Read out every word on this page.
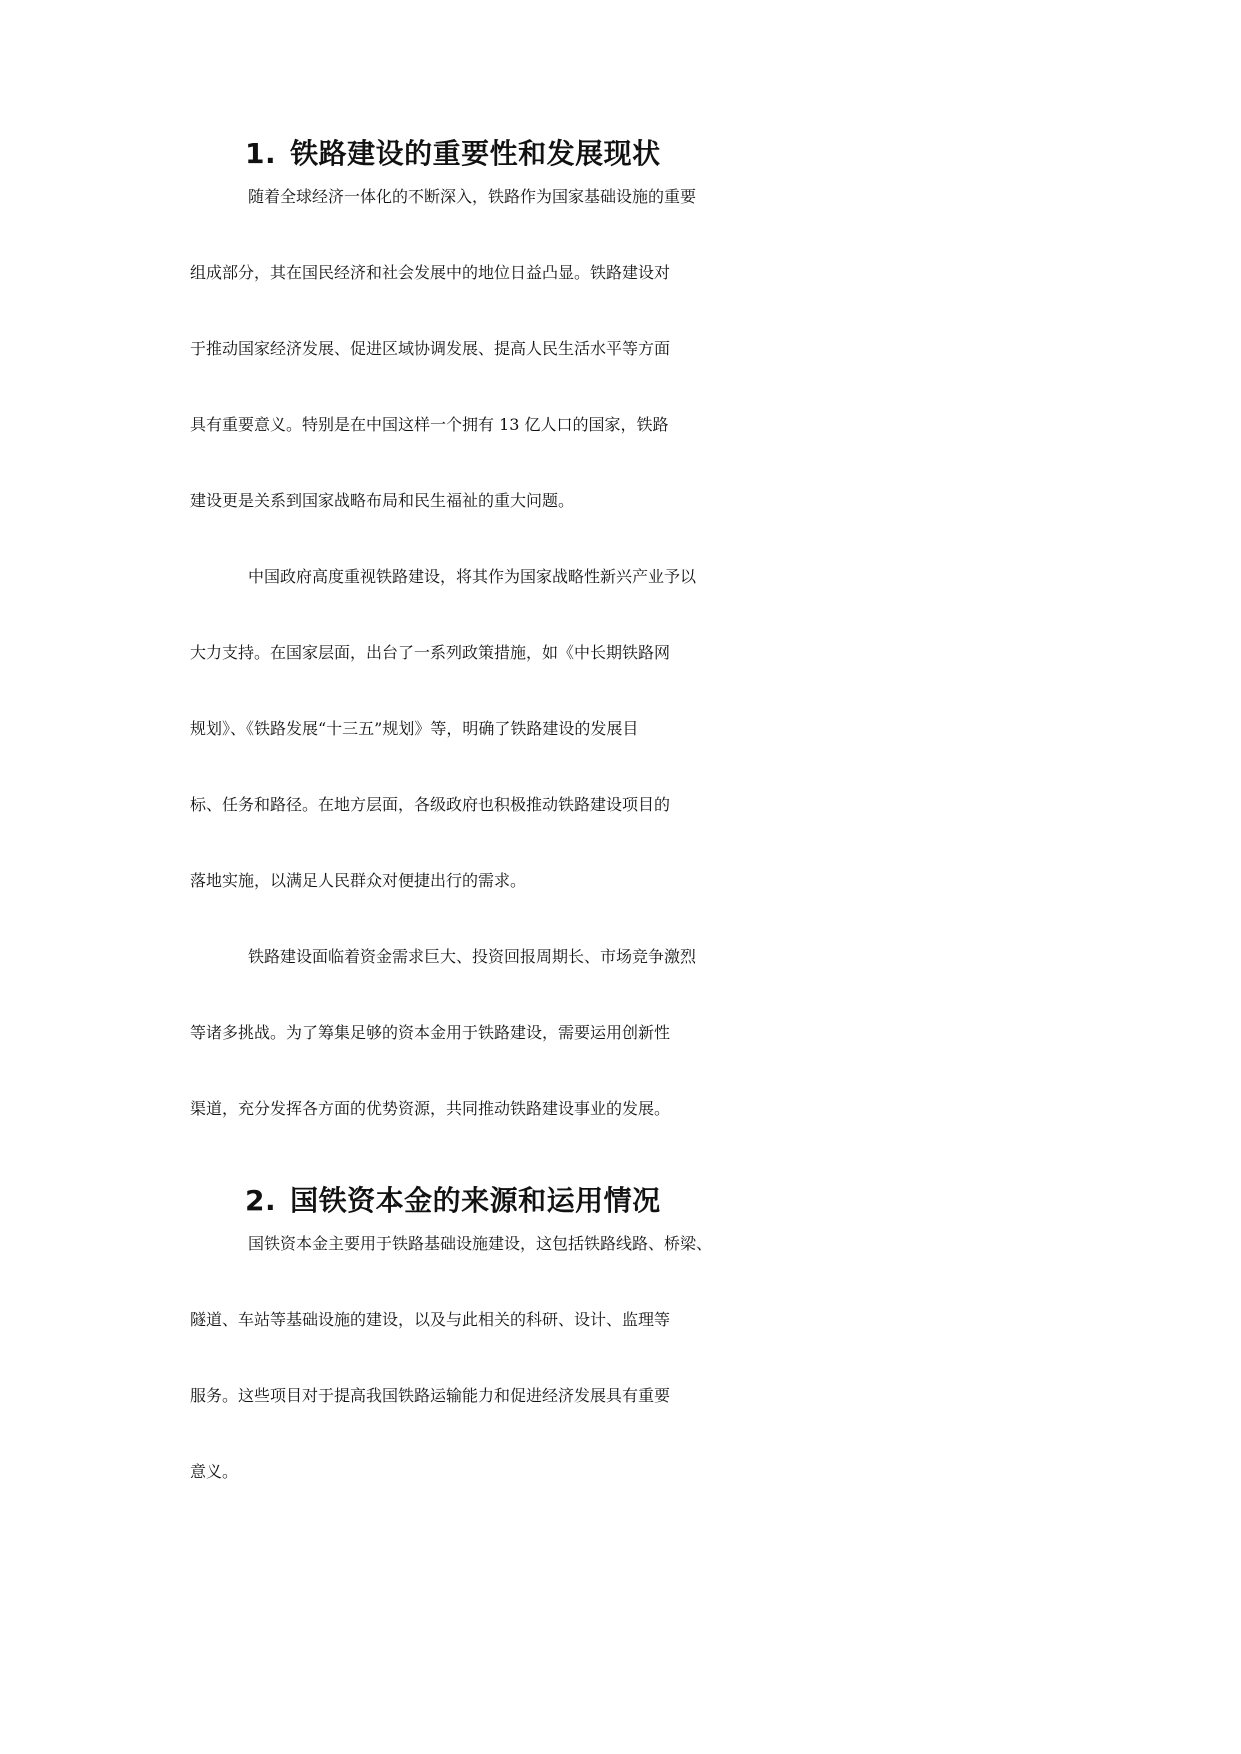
1. 铁路建设的重要性和发展现状
随着全球经济一体化的不断深入，铁路作为国家基础设施的重要
组成部分，其在国民经济和社会发展中的地位日益凸显。铁路建设对
于推动国家经济发展、促进区域协调发展、提高人民生活水平等方面
具有重要意义。特别是在中国这样一个拥有 13 亿人口的国家，铁路
建设更是关系到国家战略布局和民生福祉的重大问题。
中国政府高度重视铁路建设，将其作为国家战略性新兴产业予以
大力支持。在国家层面，出台了一系列政策措施，如《中长期铁路网
规划》、《铁路发展“十三五”规划》等，明确了铁路建设的发展目
标、任务和路径。在地方层面，各级政府也积极推动铁路建设项目的
落地实施，以满足人民群众对便捷出行的需求。
铁路建设面临着资金需求巨大、投资回报周期长、市场竞争激烈
等诸多挑战。为了筹集足够的资本金用于铁路建设，需要运用创新性
渠道，充分发挥各方面的优势资源，共同推动铁路建设事业的发展。
2. 国铁资本金的来源和运用情况
国铁资本金主要用于铁路基础设施建设，这包括铁路线路、桥梁、
隧道、车站等基础设施的建设，以及与此相关的科研、设计、监理等
服务。这些项目对于提高我国铁路运输能力和促进经济发展具有重要
意义。
